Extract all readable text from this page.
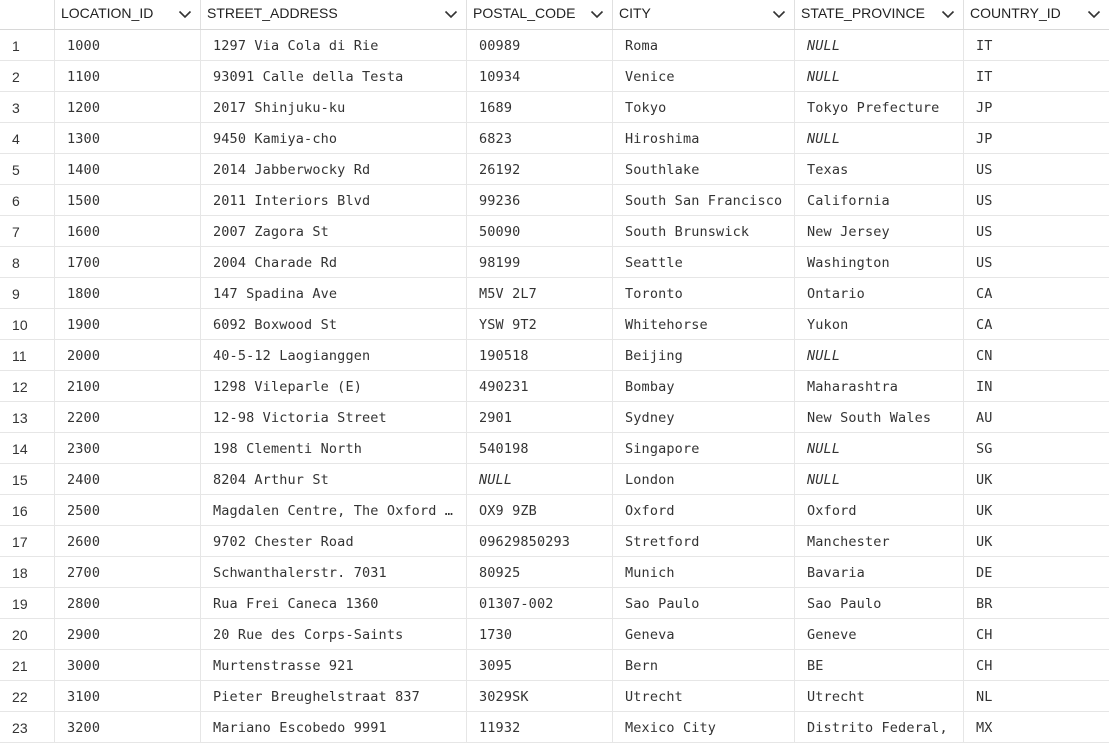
LOCATION_ID	STREET_ADDRESS	POSTAL_CODE	CITY	STATE_PROVINCE	COUNTRY_ID
1	1000	1297 Via Cola di Rie	00989	Roma	NULL	IT
2	1100	93091 Calle della Testa	10934	Venice	NULL	IT
3	1200	2017 Shinjuku-ku	1689	Tokyo	Tokyo Prefecture	JP
4	1300	9450 Kamiya-cho	6823	Hiroshima	NULL	JP
5	1400	2014 Jabberwocky Rd	26192	Southlake	Texas	US
6	1500	2011 Interiors Blvd	99236	South San Francisco	California	US
7	1600	2007 Zagora St	50090	South Brunswick	New Jersey	US
8	1700	2004 Charade Rd	98199	Seattle	Washington	US
9	1800	147 Spadina Ave	M5V 2L7	Toronto	Ontario	CA
10	1900	6092 Boxwood St	YSW 9T2	Whitehorse	Yukon	CA
11	2000	40-5-12 Laogianggen	190518	Beijing	NULL	CN
12	2100	1298 Vileparle (E)	490231	Bombay	Maharashtra	IN
13	2200	12-98 Victoria Street	2901	Sydney	New South Wales	AU
14	2300	198 Clementi North	540198	Singapore	NULL	SG
15	2400	8204 Arthur St	NULL	London	NULL	UK
16	2500	Magdalen Centre, The Oxford …	OX9 9ZB	Oxford	Oxford	UK
17	2600	9702 Chester Road	09629850293	Stretford	Manchester	UK
18	2700	Schwanthalerstr. 7031	80925	Munich	Bavaria	DE
19	2800	Rua Frei Caneca 1360	01307-002	Sao Paulo	Sao Paulo	BR
20	2900	20 Rue des Corps-Saints	1730	Geneva	Geneve	CH
21	3000	Murtenstrasse 921	3095	Bern	BE	CH
22	3100	Pieter Breughelstraat 837	3029SK	Utrecht	Utrecht	NL
23	3200	Mariano Escobedo 9991	11932	Mexico City	Distrito Federal,	MX
